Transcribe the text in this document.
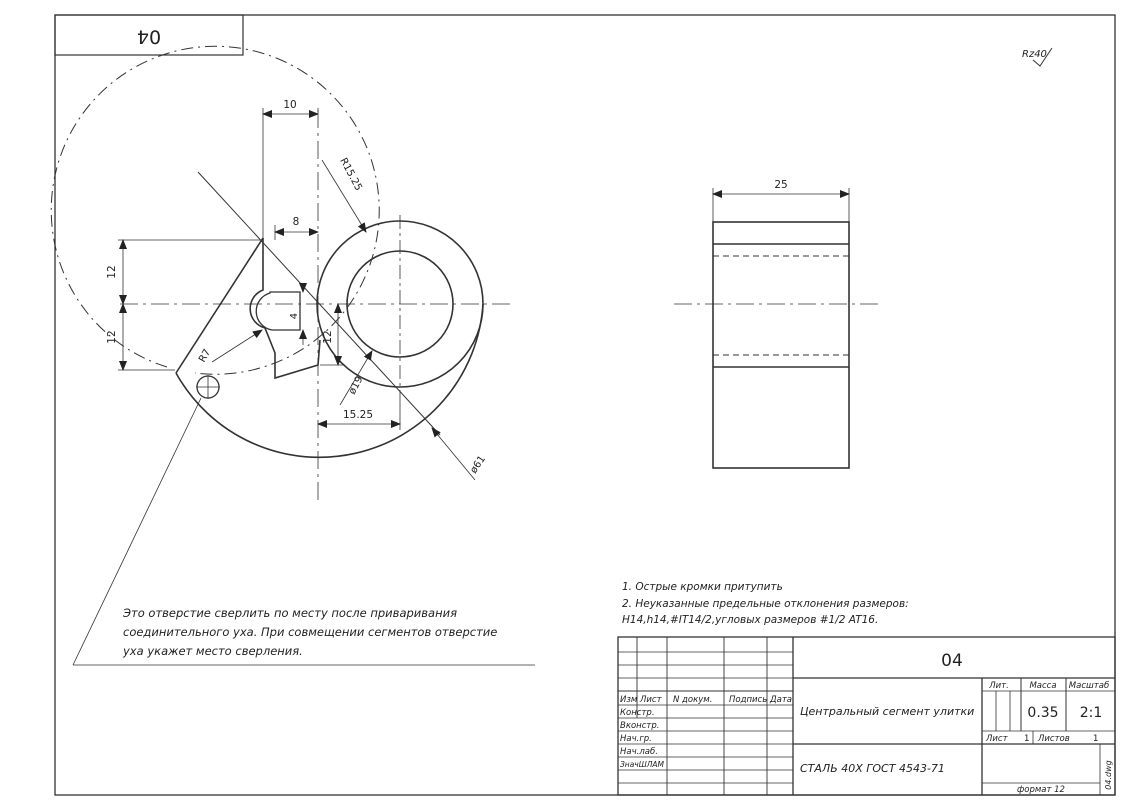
04
Rz40
10
8
R15.25
12
12
4
12
R7
ø19
15.25
ø61
25
Это отверстие сверлить по месту после приваривания
соединительного уха. При совмещении сегментов отверстие
уха укажет место сверления.
1. Острые кромки притупить
2. Неуказанные предельные отклонения размеров:
H14,h14,#IT14/2,угловых размеров #1/2 AT16.
04
Центральный сегмент улитки
СТАЛЬ 40Х ГОСТ 4543-71
Изм Лист N докум. Подпись Дата
Констр.
Вконстр.
Нач.гр.
Нач.лаб.
ЗначШЛАМ
Лит. Масса Масштаб
0.35 2:1
Лист 1 Листов	1
формат 12
04.dwg
